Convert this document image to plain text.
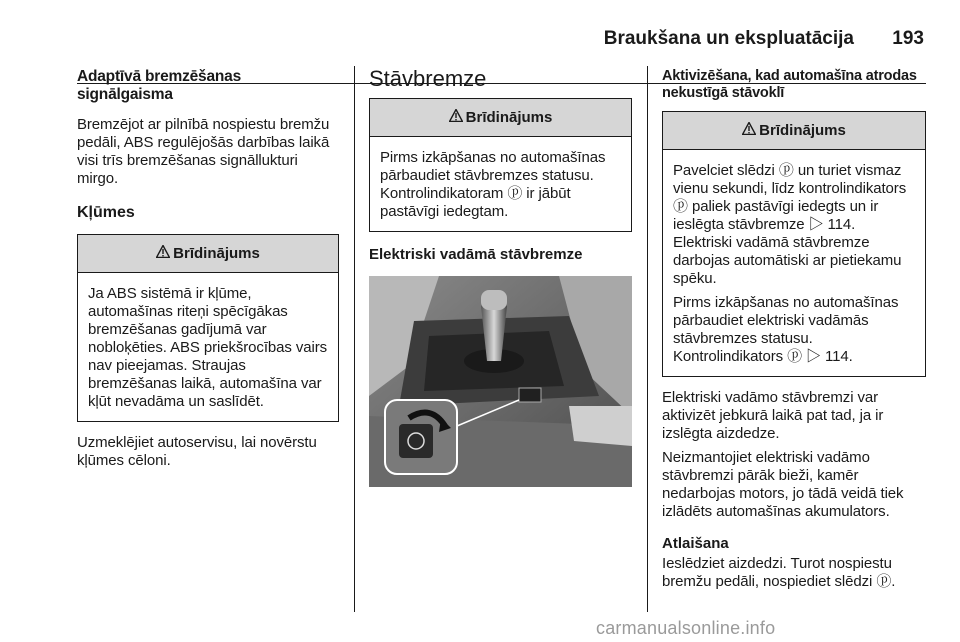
Braukšana un ekspluatācija 193
Adaptīvā bremzēšanas signālgaisma
Bremzējot ar pilnībā nospiestu bremžu pedāli, ABS regulējošās darbības laikā visi trīs bremzēšanas signāllukturi mirgo.
Kļūmes
Brīdinājums
Ja ABS sistēmā ir kļūme, automašīnas riteņi spēcīgākas bremzēšanas gadījumā var nobloķēties. ABS priekšrocības vairs nav pieejamas. Straujas bremzēšanas laikā, automašīna var kļūt nevadāma un saslīdēt.
Uzmeklējiet autoservisu, lai novērstu kļūmes cēloni.
Stāvbremze
Brīdinājums
Pirms izkāpšanas no automašīnas pārbaudiet stāvbremzes statusu. Kontrolindikatoram ⓟ ir jābūt pastāvīgi iedegtam.
Elektriski vadāmā stāvbremze
Aktivizēšana, kad automašīna atrodas nekustīgā stāvoklī
Brīdinājums
Pavelciet slēdzi ⓟ un turiet vismaz vienu sekundi, līdz kontrolindikators ⓟ paliek pastāvīgi iedegts un ir ieslēgta stāvbremze ▷ 114. Elektriski vadāmā stāvbremze darbojas automātiski ar pietiekamu spēku.
Pirms izkāpšanas no automašīnas pārbaudiet elektriski vadāmās stāvbremzes statusu. Kontrolindikators ⓟ ▷ 114.
Elektriski vadāmo stāvbremzi var aktivizēt jebkurā laikā pat tad, ja ir izslēgta aizdedze.
Neizmantojiet elektriski vadāmo stāvbremzi pārāk bieži, kamēr nedarbojas motors, jo tādā veidā tiek izlādēts automašīnas akumulators.
Atlaišana
Ieslēdziet aizdedzi. Turot nospiestu bremžu pedāli, nospiediet slēdzi ⓟ.
carmanualsonline.info
